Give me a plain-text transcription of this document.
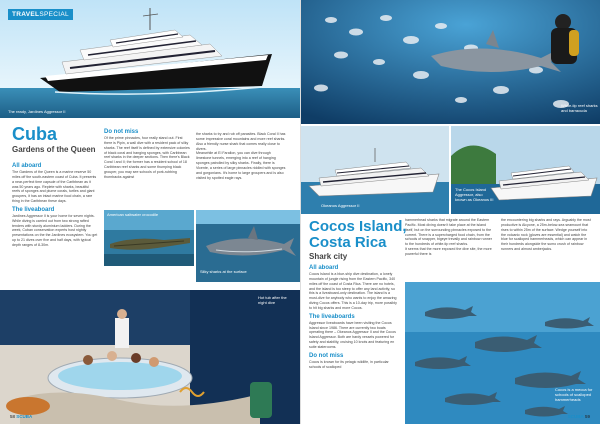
TRAVELSPECIAL
The ready, Jardines Aggressor II
Cuba
Gardens of the Queen
All aboard

The Gardens of the Queen is a marine reserve 50 miles off the south-eastern coast of Cuba. It presents a near-perfect time capsule of the Caribbean as it was 50 years ago. Replete with sharks, beautiful reefs of sponges and plume corals, turtles and giant groupers, it has an intact marine food chain, a rare thing in the Caribbean these days.

The liveaboard

Jardines Aggressor II is your home for seven nights. While diving is carried out from two strong rafted tenders with sturdy aluminium ladders. During the week, Cuban conservation experts host nightly presentations on the the Jardines ecosystem. You get up to 21 dives over five and half days, with typical depth ranges of 8-30m.

Do not miss

Of the prime pinnacles, four really stand out. First there is Pipin, a wall dive with a resident pack of silky sharks. The reef itself is defined by extensive colonies of black coral and hanging sponges, with Caribbean reef sharks in the deeper sections. Then there's Black Coral I and II; the former has a resident school of 18 Caribbean reef sharks and some thumping black grouper, you may see schools of pork-rubbing thornbacks against

the sharks to try and rub off parasites. Black Coral II has some impressive coral mountains and more reef sharks. Also a friendly nurse shark that comes really close to divers.
Meanwhile at El Farallon, you can dive through limestone tunnels, emerging into a reef of hanging sponges patrolled by silky sharks. Finally, there is Vicente, a series of large pinnacles riddled with sponges and gorgonians. It's home to large groupers and is also visited by spotted eagle rays.

American saltwater crocodile
Silky sharks at the surface
Hot tub after the night dive
58 SCUBA
White-tip reef sharks and barracuda
Okeanos Aggressor II
The Cocos Island Aggressor, also known as Okeanos III
Cocos Island,
Costa Rica
Shark city
All aboard

Cocos Island is a blue-ship dive destination, a lonely mountain of jungle rising from the Eastern Pacific, 340 miles off the coast of Costa Rica. There are no hotels, and the island is too steep to offer any land activity, so this is a liveaboard-only destination. The island is a must-dive for anybody who wants to enjoy the amazing diving Cocos offers. This is a 10-day trip, more possibly to hit big sharks and more Cocos.

The liveaboards

Aggressor liveaboards have been visiting the Cocos Island since 1986. There are currently two boats operating there – Okeanos Aggressor II and the Cocos Island Aggressor. Both are hardy vessels powered for safety and stability, cruising 10 knots and featuring en suite staterooms.

Do not miss

Cocos is known for its pelagic wildlife, in particular schools of scalloped

hammerhead sharks that migrate around the Eastern Pacific. Most diving doesn't take place at the island itself, but on the surrounding pinnacles exposed to the current. There is a supercharged food chain, from the schools of snapper, bigeye trevally and rainbow runner to the hundreds of white-tip reef sharks.
It seems that the more exposed the dive site, the more powerful there is

the encountering big sharks and rays. Arguably the most productive is Alcyone, a 25m-below-sea seamount that rises to within 25m of the surface. Wedge yourself into the volcanic rock (gloves are essential) and watch the blue for scalloped hammerheads, which can appear in their hundreds alongside the sumo crush of rainbow runners and almost amberjacks.

Cocos is a mecca for schools of scalloped hammerheads
SCUBA 59
